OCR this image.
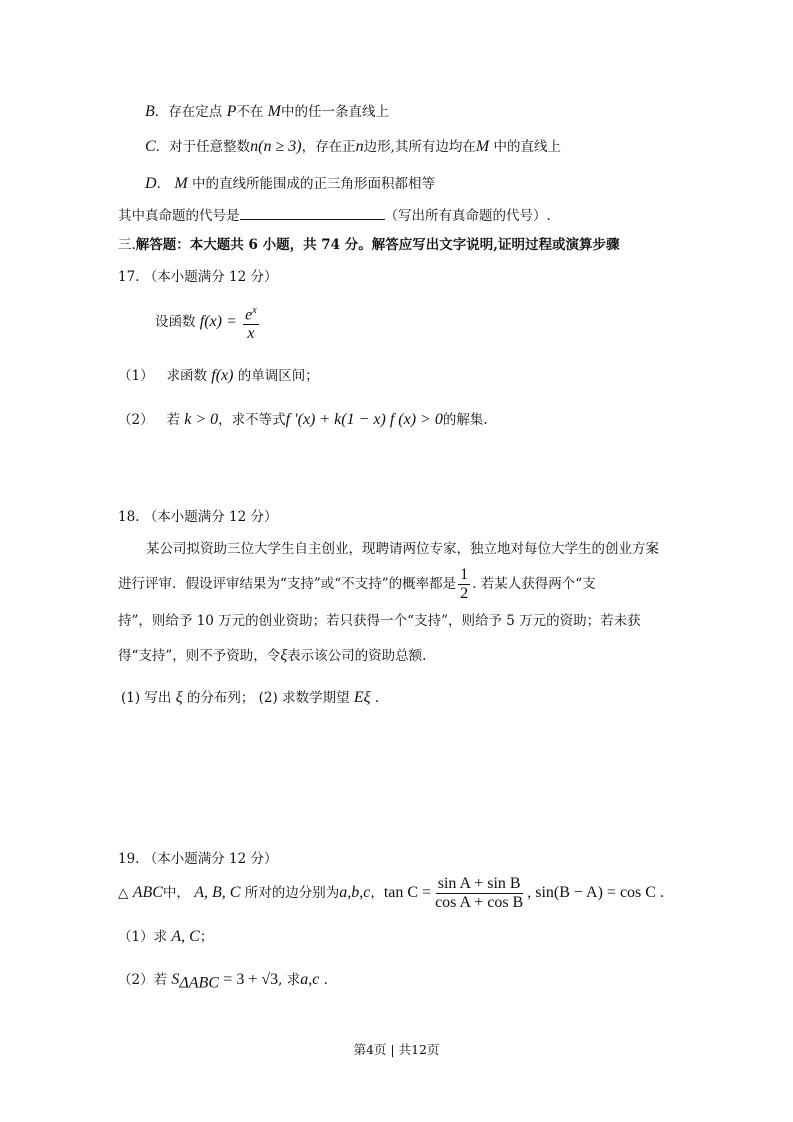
B．存在定点 P不在 M中的任一条直线上
C．对于任意整数n(n ≥ 3)，存在正n边形,其所有边均在M 中的直线上
D． M 中的直线所能围成的正三角形面积都相等
其中真命题的代号是	（写出所有真命题的代号）.
三.解答题：本大题共 6 小题，共 74 分。解答应写出文字说明,证明过程或演算步骤
17. （本小题满分 12 分）
设函数 $f(x) = \frac{e^x}{x}$
（1） 求函数 f(x) 的单调区间；
（2） 若 k > 0，求不等式f ′(x) + k(1 − x) f (x) > 0的解集.
18. （本小题满分 12 分）
某公司拟资助三位大学生自主创业，现聘请两位专家，独立地对每位大学生的创业方案
进行评审．假设评审结果为“支持”或“不支持”的概率都是 $\frac{1}{2}$ . 若某人获得两个“支
持”，则给予 10 万元的创业资助；若只获得一个“支持”，则给予 5 万元的资助；若未获
得“支持”，则不予资助，令ξ表示该公司的资助总额.
(1) 写出 ξ 的分布列； (2) 求数学期望 Eξ .
19. （本小题满分 12 分）
△ ABC中， A, B, C 所对的边分别为a,b,c，$\tan C = \frac{\text{sin A + sin B}}{\text{cos A + cos B}}$ , sin(B − A) = cos C .
（1）求 A, C；
（2）若 $S_{\Delta ABC} = 3 + √3$, 求a,c .
第4页 | 共12页
